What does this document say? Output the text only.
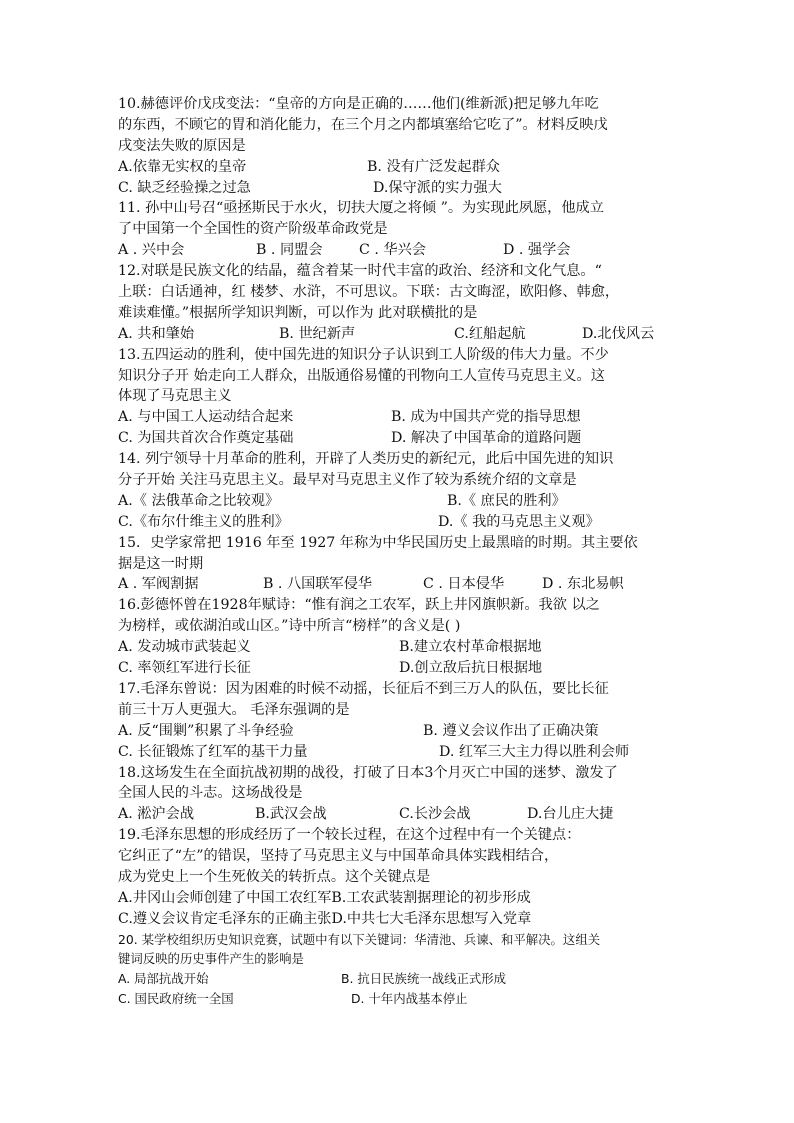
10.赫德评价戊戌变法：“皇帝的方向是正确的……他们(维新派)把足够九年吃
的东西，不顾它的胃和消化能力，在三个月之内都填塞给它吃了”。材料反映戊
戌变法失败的原因是
A.依靠无实权的皇帝	B. 没有广泛发起群众
C. 缺乏经验操之过急	D.保守派的实力强大
11. 孙中山号召“亟拯斯民于水火，切扶大厦之将倾 ”。为实现此夙愿，他成立
了中国第一个全国性的资产阶级革命政党是
A . 兴中会	B . 同盟会	C . 华兴会	D . 强学会
12.对联是民族文化的结晶，蕴含着某一时代丰富的政治、经济和文化气息。“
上联：白话通神，红 楼梦、水浒，不可思议。下联：古文晦涩，欧阳修、韩愈，
难读难懂。”根据所学知识判断，可以作为 此对联横批的是
A. 共和肇始	B. 世纪新声	C.红船起航	D.北伐风云
13.五四运动的胜利，使中国先进的知识分子认识到工人阶级的伟大力量。不少
知识分子开 始走向工人群众，出版通俗易懂的刊物向工人宣传马克思主义。这
体现了马克思主义
A. 与中国工人运动结合起来	B. 成为中国共产党的指导思想
C. 为国共首次合作奠定基础	D. 解决了中国革命的道路问题
14. 列宁领导十月革命的胜利，开辟了人类历史的新纪元，此后中国先进的知识
分子开始 关注马克思主义。最早对马克思主义作了较为系统介绍的文章是
A.《 法俄革命之比较观》	B.《 庶民的胜利》
C.《布尔什维主义的胜利》	D.《 我的马克思主义观》
15．史学家常把 1916 年至 1927 年称为中华民国历史上最黑暗的时期。其主要依
据是这一时期
A . 军阀割据	B . 八国联军侵华	C . 日本侵华	D . 东北易帜
16.彭德怀曾在1928年赋诗：“惟有润之工农军，跃上井冈旗帜新。我欲 以之
为榜样，或依湖泊或山区。”诗中所言“榜样”的含义是( )
A. 发动城市武装起义	B.建立农村革命根据地
C. 率领红军进行长征	D.创立敌后抗日根据地
17.毛泽东曾说：因为困难的时候不动摇，长征后不到三万人的队伍，要比长征
前三十万人更强大。 毛泽东强调的是
A. 反“围剿”积累了斗争经验	B. 遵义会议作出了正确决策
C. 长征锻炼了红军的基干力量	D. 红军三大主力得以胜利会师
18.这场发生在全面抗战初期的战役，打破了日本3个月灭亡中国的迷梦、激发了
全国人民的斗志。这场战役是
A. 淞沪会战	B.武汉会战	C.长沙会战	D.台儿庄大捷
19.毛泽东思想的形成经历了一个较长过程，在这个过程中有一个关键点：
它纠正了“左”的错误，坚持了马克思主义与中国革命具体实践相结合，
成为党史上一个生死攸关的转折点。这个关键点是
A.井冈山会师创建了中国工农红军B.工农武装割据理论的初步形成
C.遵义会议肯定毛泽东的正确主张D.中共七大毛泽东思想写入党章
20. 某学校组织历史知识竞赛，试题中有以下关键词：华清池、兵谏、和平解决。这组关
键词反映的历史事件产生的影响是
A. 局部抗战开始	B. 抗日民族统一战线正式形成
C. 国民政府统一全国	D. 十年内战基本停止
